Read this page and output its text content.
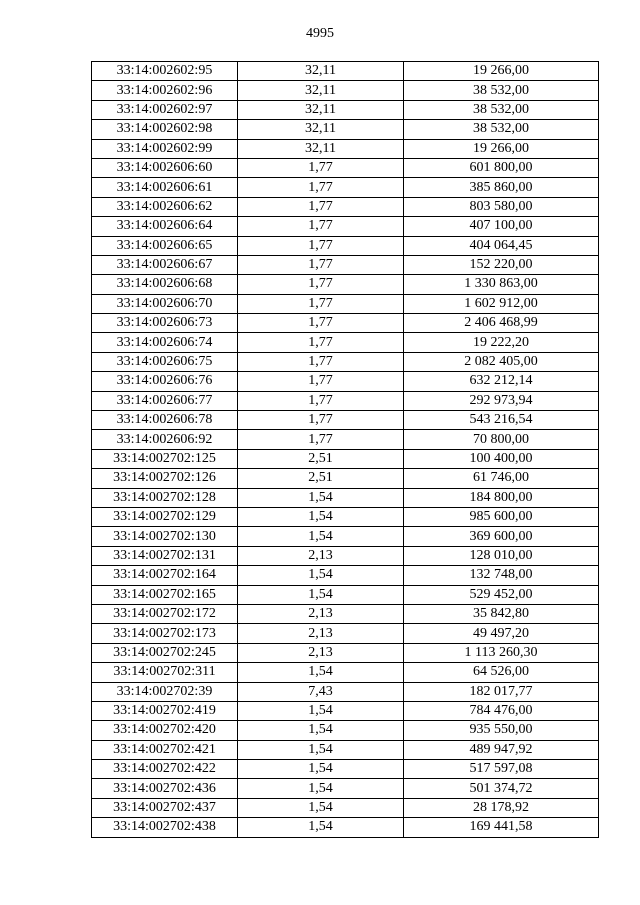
4995
33:14:002602:95	32,11	19 266,00
33:14:002602:96	32,11	38 532,00
33:14:002602:97	32,11	38 532,00
33:14:002602:98	32,11	38 532,00
33:14:002602:99	32,11	19 266,00
33:14:002606:60	1,77	601 800,00
33:14:002606:61	1,77	385 860,00
33:14:002606:62	1,77	803 580,00
33:14:002606:64	1,77	407 100,00
33:14:002606:65	1,77	404 064,45
33:14:002606:67	1,77	152 220,00
33:14:002606:68	1,77	1 330 863,00
33:14:002606:70	1,77	1 602 912,00
33:14:002606:73	1,77	2 406 468,99
33:14:002606:74	1,77	19 222,20
33:14:002606:75	1,77	2 082 405,00
33:14:002606:76	1,77	632 212,14
33:14:002606:77	1,77	292 973,94
33:14:002606:78	1,77	543 216,54
33:14:002606:92	1,77	70 800,00
33:14:002702:125	2,51	100 400,00
33:14:002702:126	2,51	61 746,00
33:14:002702:128	1,54	184 800,00
33:14:002702:129	1,54	985 600,00
33:14:002702:130	1,54	369 600,00
33:14:002702:131	2,13	128 010,00
33:14:002702:164	1,54	132 748,00
33:14:002702:165	1,54	529 452,00
33:14:002702:172	2,13	35 842,80
33:14:002702:173	2,13	49 497,20
33:14:002702:245	2,13	1 113 260,30
33:14:002702:311	1,54	64 526,00
33:14:002702:39	7,43	182 017,77
33:14:002702:419	1,54	784 476,00
33:14:002702:420	1,54	935 550,00
33:14:002702:421	1,54	489 947,92
33:14:002702:422	1,54	517 597,08
33:14:002702:436	1,54	501 374,72
33:14:002702:437	1,54	28 178,92
33:14:002702:438	1,54	169 441,58
